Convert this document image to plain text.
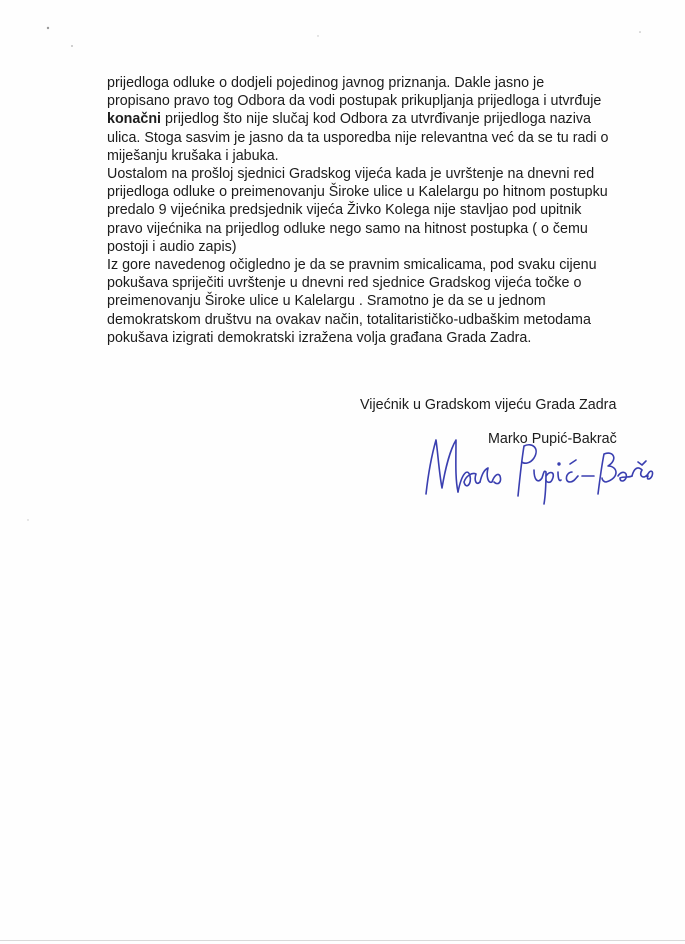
prijedloga odluke o dodjeli pojedinog javnog priznanja. Dakle jasno je
propisano pravo tog Odbora da vodi postupak prikupljanja prijedloga i utvrđuje
konačni prijedlog što nije slučaj kod Odbora za utvrđivanje prijedloga naziva
ulica. Stoga sasvim je jasno da ta usporedba nije relevantna već da se tu radi o
miješanju krušaka i jabuka.
Uostalom na prošloj sjednici Gradskog vijeća kada je uvrštenje na dnevni red
prijedloga odluke o preimenovanju Široke ulice u Kalelargu po hitnom postupku
predalo 9 vijećnika predsjednik vijeća Živko Kolega nije stavljao pod upitnik
pravo vijećnika na prijedlog odluke nego samo na hitnost postupka ( o čemu
postoji i audio zapis)
Iz gore navedenog očigledno je da se pravnim smicalicama, pod svaku cijenu
pokušava spriječiti uvrštenje u dnevni red sjednice Gradskog vijeća točke o
preimenovanju Široke ulice u Kalelargu . Sramotno je da se u jednom
demokratskom društvu na ovakav način, totalitarističko-udbaškim metodama
pokušava izigrati demokratski izražena volja građana Grada Zadra.
Vijećnik u Gradskom vijeću Grada Zadra
Marko Pupić-Bakrač
